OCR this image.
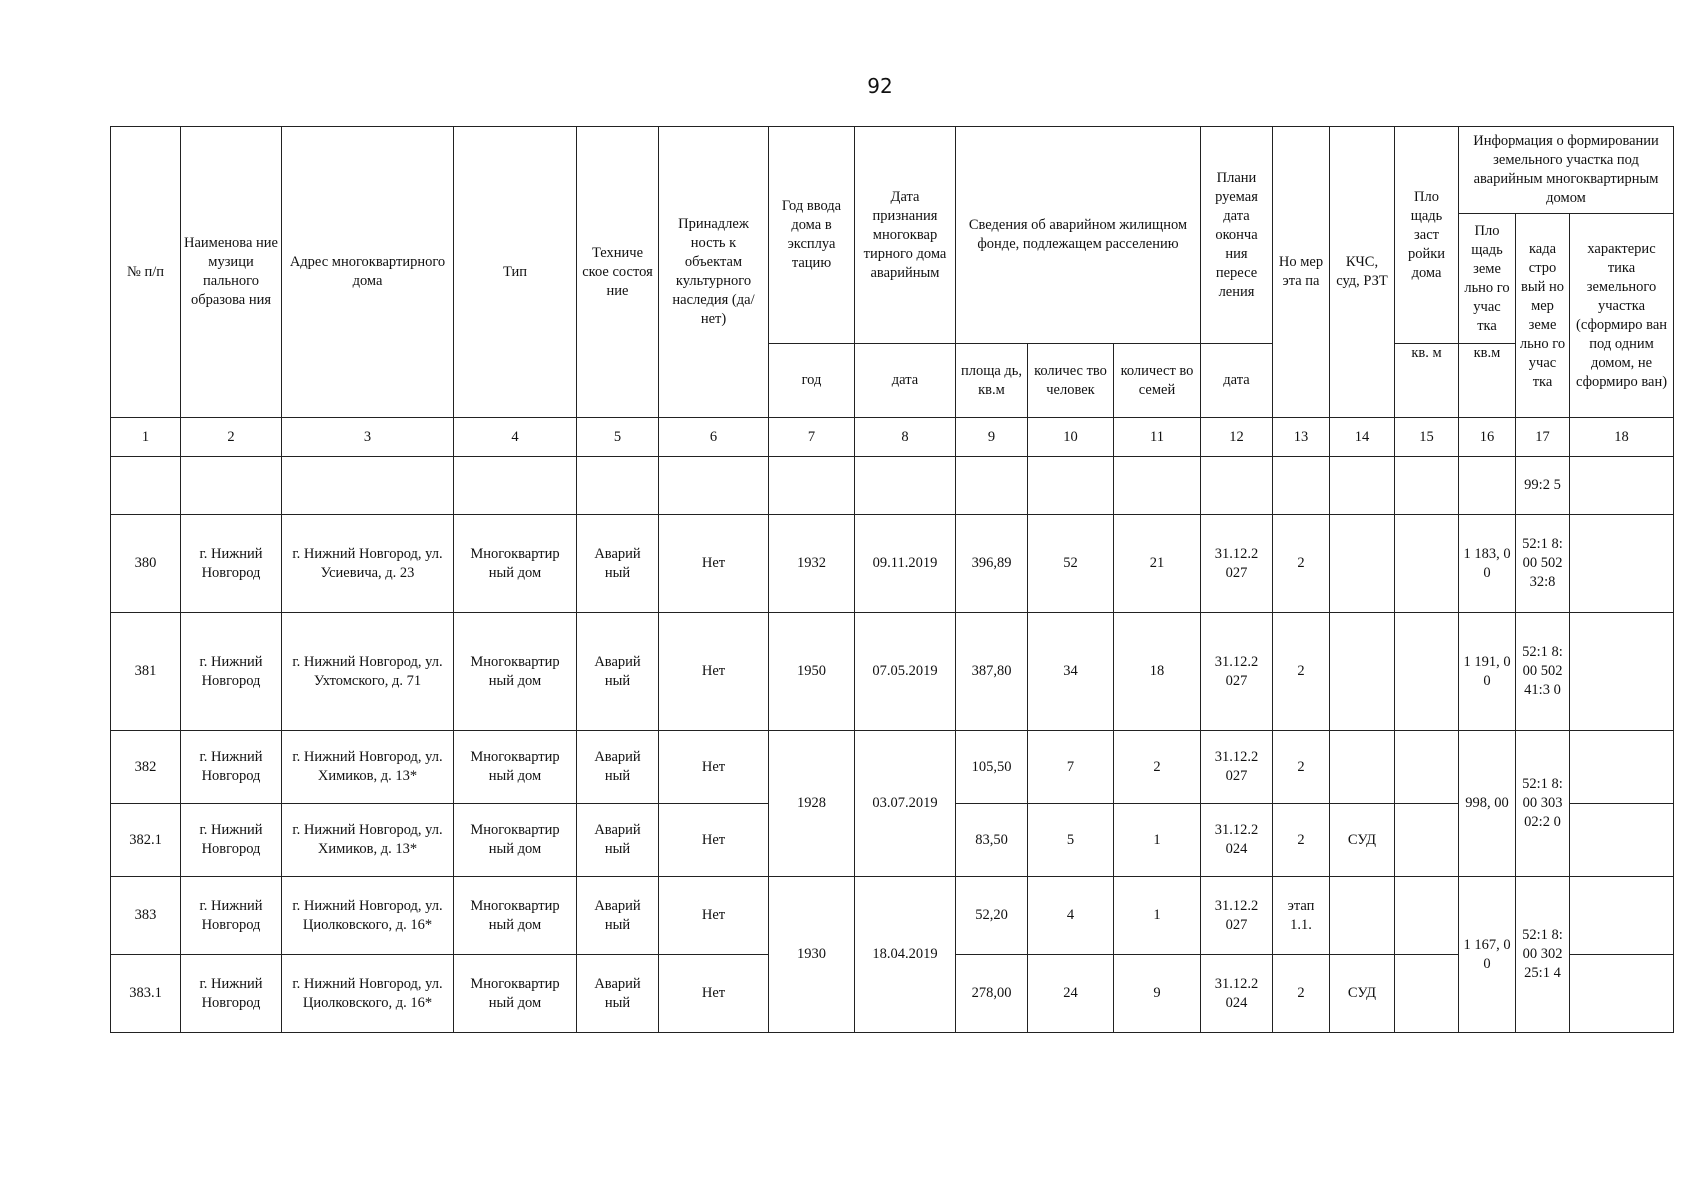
92
№ п/п	Наименова ние музици пального образова ния	Адрес многоквартирного дома	Тип	Техниче ское состоя ние	Принадлеж ность к объектам культурного наследия (да/нет)	Год ввода дома в эксплуа тацию	Дата признания многоквар тирного дома аварийным	Сведения об аварийном жилищном фонде, подлежащем расселению			Плани руемая дата оконча ния пересе ления	Но мер эта па	КЧС, суд, РЗТ	Пло щадь заст ройки дома	Информация о формировании земельного участка под аварийным многоквартирным домом		
															Пло щадь земе льно го учас тка	када стро вый но мер земе льно го учас тка	характерис тика земельного участка (сформиро ван под одним домом, не сформиро ван)
						год	дата	площа дь, кв.м	количес тво человек	количест во семей	дата			кв. м	кв.м		
1	2	3	4	5	6	7	8	9	10	11	12	13	14	15	16	17	18
																99:2 5	
380	г. Нижний Новгород	г. Нижний Новгород, ул. Усиевича, д. 23	Многоквартир ный дом	Аварий ный	Нет	1932	09.11.2019	396,89	52	21	31.12.2 027	2			1 183, 00	52:1 8:00 502 32:8	
381	г. Нижний Новгород	г. Нижний Новгород, ул. Ухтомского, д. 71	Многоквартир ный дом	Аварий ный	Нет	1950	07.05.2019	387,80	34	18	31.12.2 027	2			1 191, 00	52:1 8:00 502 41:3 0	
382	г. Нижний Новгород	г. Нижний Новгород, ул. Химиков, д. 13*	Многоквартир ный дом	Аварий ный	Нет	1928	03.07.2019	105,50	7	2	31.12.2 027	2			998, 00	52:1 8:00 303 02:2 0	
382.1	г. Нижний Новгород	г. Нижний Новгород, ул. Химиков, д. 13*	Многоквартир ный дом	Аварий ный	Нет			83,50	5	1	31.12.2 024	2	СУД				
383	г. Нижний Новгород	г. Нижний Новгород, ул. Циолковского, д. 16*	Многоквартир ный дом	Аварий ный	Нет	1930	18.04.2019	52,20	4	1	31.12.2 027	этап 1.1.			1 167, 00	52:1 8:00 302 25:1 4	
383.1	г. Нижний Новгород	г. Нижний Новгород, ул. Циолковского, д. 16*	Многоквартир ный дом	Аварий ный	Нет			278,00	24	9	31.12.2 024	2	СУД				
